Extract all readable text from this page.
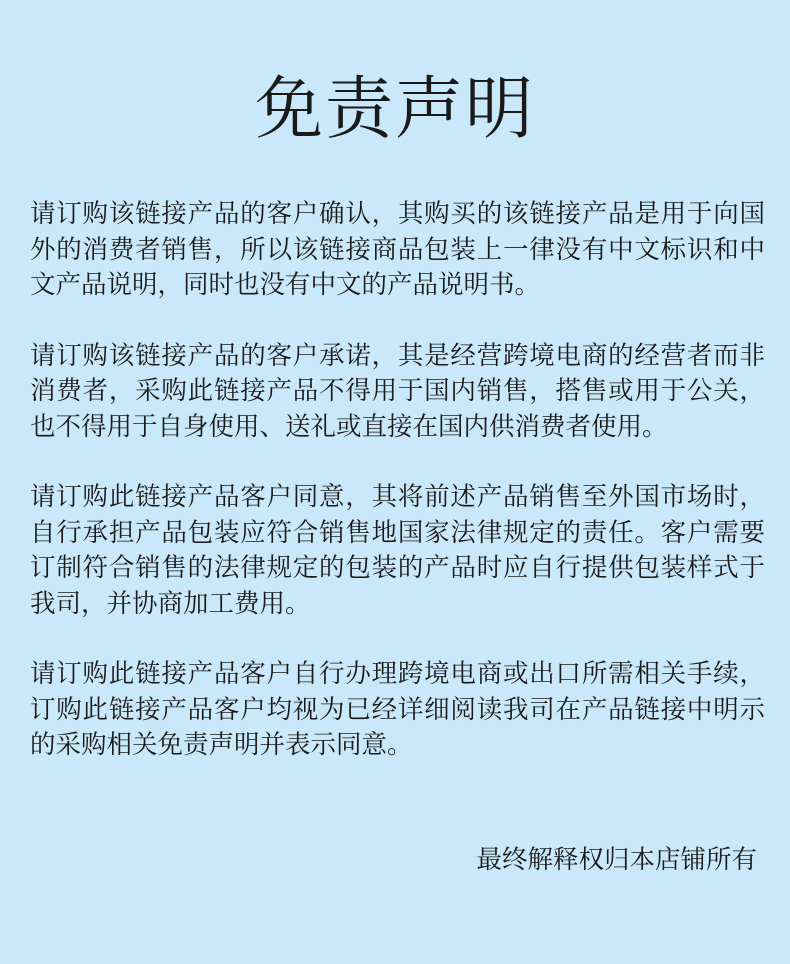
免责声明

请订购该链接产品的客户确认，其购买的该链接产品是用于向国外的消费者销售，所以该链接商品包装上一律没有中文标识和中文产品说明，同时也没有中文的产品说明书。

请订购该链接产品的客户承诺，其是经营跨境电商的经营者而非消费者，采购此链接产品不得用于国内销售，搭售或用于公关，也不得用于自身使用、送礼或直接在国内供消费者使用。

请订购此链接产品客户同意，其将前述产品销售至外国市场时，自行承担产品包装应符合销售地国家法律规定的责任。客户需要订制符合销售的法律规定的包装的产品时应自行提供包装样式于我司，并协商加工费用。

请订购此链接产品客户自行办理跨境电商或出口所需相关手续，订购此链接产品客户均视为已经详细阅读我司在产品链接中明示的采购相关免责声明并表示同意。

最终解释权归本店铺所有
